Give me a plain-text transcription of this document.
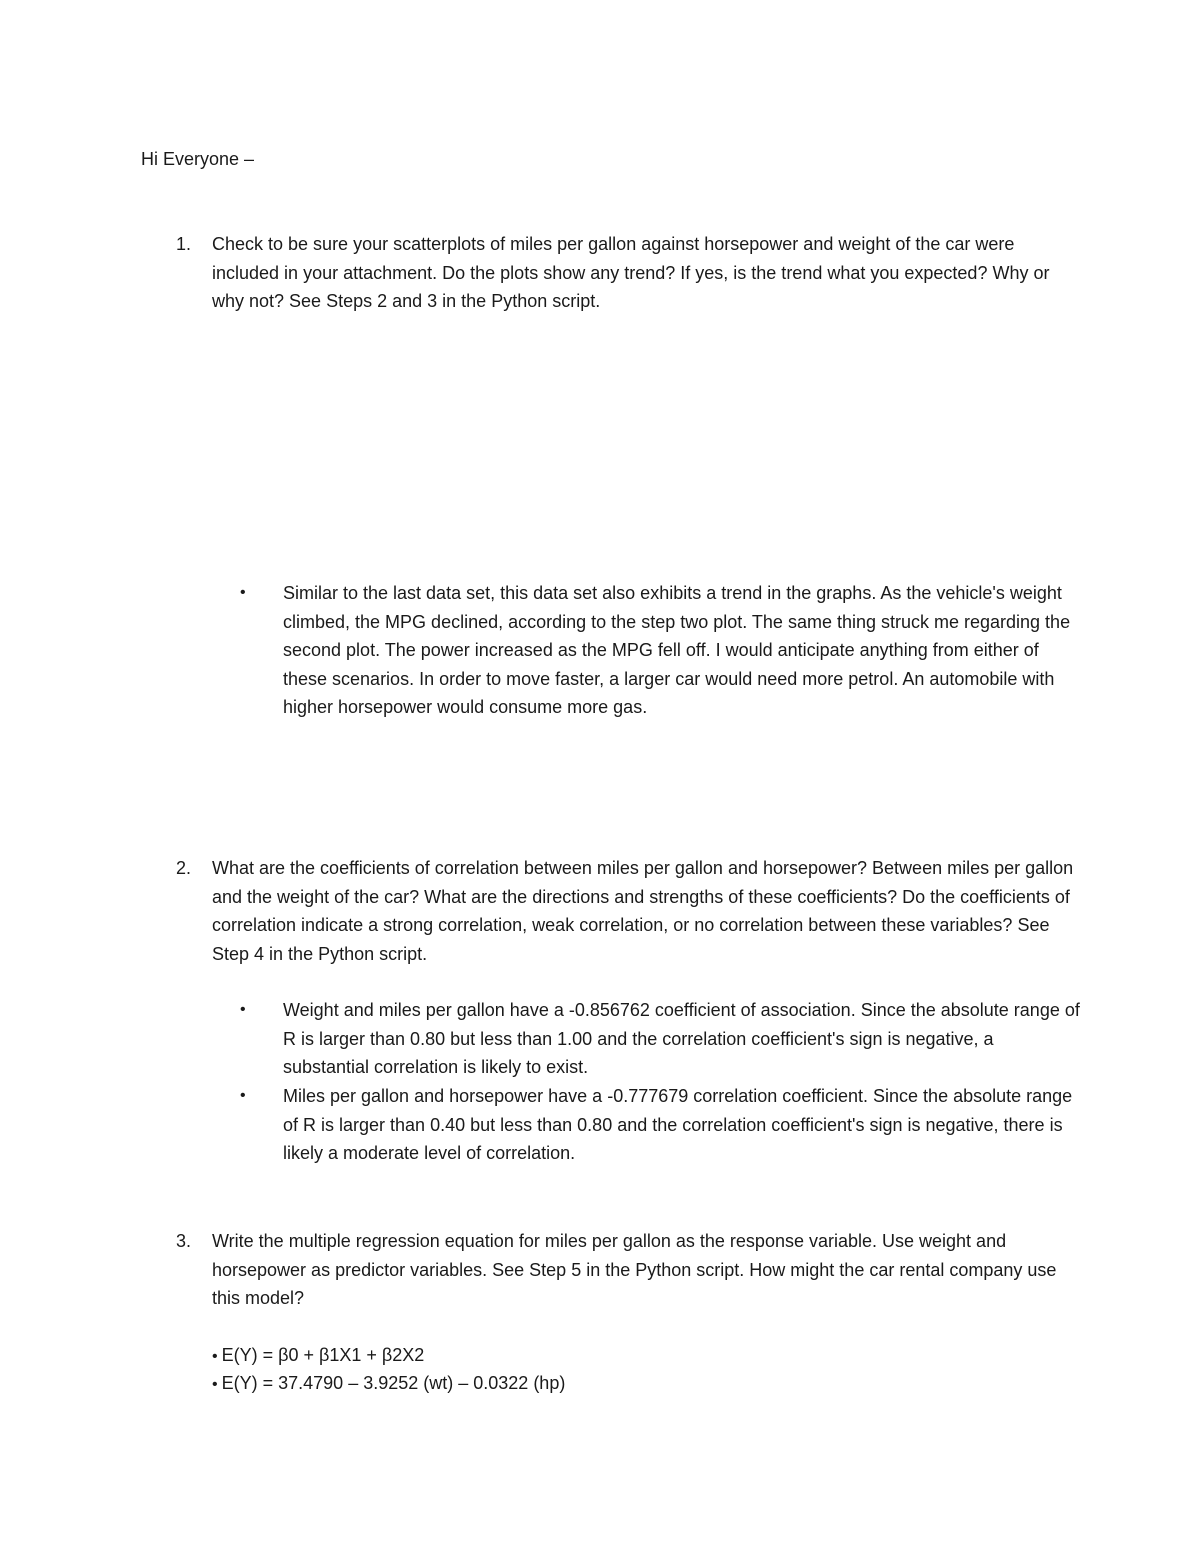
Hi Everyone –

1. Check to be sure your scatterplots of miles per gallon against horsepower and weight of the car were included in your attachment. Do the plots show any trend? If yes, is the trend what you expected? Why or why not? See Steps 2 and 3 in the Python script.
• Similar to the last data set, this data set also exhibits a trend in the graphs. As the vehicle's weight climbed, the MPG declined, according to the step two plot. The same thing struck me regarding the second plot. The power increased as the MPG fell off. I would anticipate anything from either of these scenarios. In order to move faster, a larger car would need more petrol. An automobile with higher horsepower would consume more gas.
2. What are the coefficients of correlation between miles per gallon and horsepower? Between miles per gallon and the weight of the car? What are the directions and strengths of these coefficients? Do the coefficients of correlation indicate a strong correlation, weak correlation, or no correlation between these variables? See Step 4 in the Python script.
• Weight and miles per gallon have a -0.856762 coefficient of association. Since the absolute range of R is larger than 0.80 but less than 1.00 and the correlation coefficient's sign is negative, a substantial correlation is likely to exist.
• Miles per gallon and horsepower have a -0.777679 correlation coefficient. Since the absolute range of R is larger than 0.40 but less than 0.80 and the correlation coefficient's sign is negative, there is likely a moderate level of correlation.
3. Write the multiple regression equation for miles per gallon as the response variable. Use weight and horsepower as predictor variables. See Step 5 in the Python script. How might the car rental company use this model?

• E(Y) = β0 + β1X1 + β2X2

• E(Y) = 37.4790 – 3.9252 (wt) – 0.0322 (hp)
